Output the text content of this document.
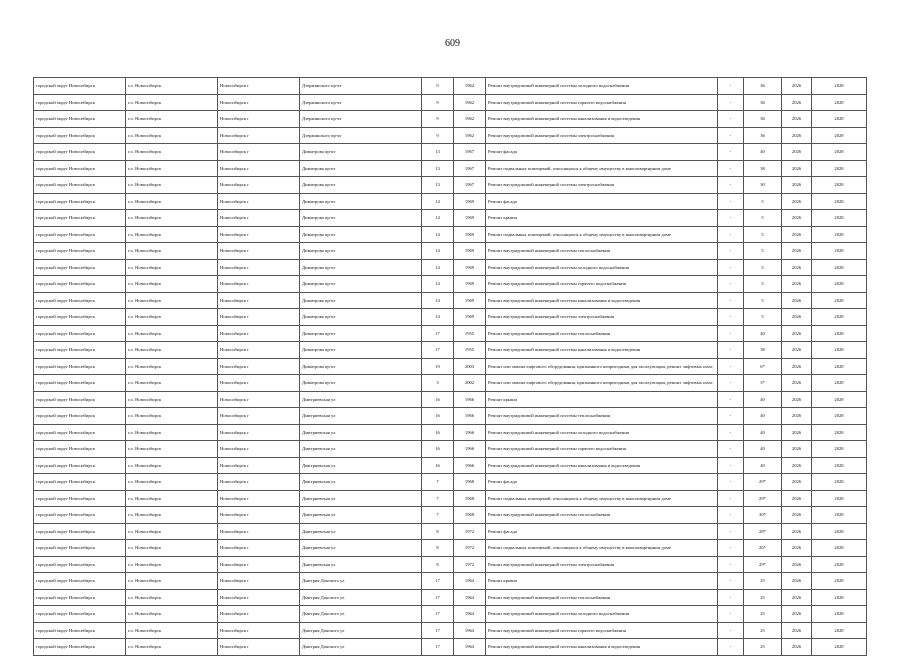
609
городской округ Новосибирск	г.о. Новосибирск	Новосибирск г	Дзержинского пр-кт	9	1962	Ремонт внутридомовой инженерной системы холодного водоснабжения	-	36	2026	2028
городской округ Новосибирск	г.о. Новосибирск	Новосибирск г	Дзержинского пр-кт	9	1962	Ремонт внутридомовой инженерной системы горячего водоснабжения	-	36	2026	2028
городской округ Новосибирск	г.о. Новосибирск	Новосибирск г	Дзержинского пр-кт	9	1962	Ремонт внутридомовой инженерной системы канализования и водоотведения	-	36	2026	2028
городской округ Новосибирск	г.о. Новосибирск	Новосибирск г	Дзержинского пр-кт	9	1962	Ремонт внутридомовой инженерной системы электроснабжения	-	36	2026	2028
городской округ Новосибирск	г.о. Новосибирск	Новосибирск г	Димитрова пр-кт	13	1967	Ремонт фасада	-	40	2026	2028
городской округ Новосибирск	г.о. Новосибирск	Новосибирск г	Димитрова пр-кт	13	1967	Ремонт подвальных помещений, относящихся к общему имуществу в многоквартирном доме	-	38	2026	2028
городской округ Новосибирск	г.о. Новосибирск	Новосибирск г	Димитрова пр-кт	13	1967	Ремонт внутридомовой инженерной системы электроснабжения	-	30	2026	2028
городской округ Новосибирск	г.о. Новосибирск	Новосибирск г	Димитрова пр-кт	14	1969	Ремонт фасада	-	5	2026	2028
городской округ Новосибирск	г.о. Новосибирск	Новосибирск г	Димитрова пр-кт	14	1969	Ремонт крыши	-	5	2026	2028
городской округ Новосибирск	г.о. Новосибирск	Новосибирск г	Димитрова пр-кт	14	1969	Ремонт подвальных помещений, относящихся к общему имуществу в многоквартирном доме	-	5	2026	2028
городской округ Новосибирск	г.о. Новосибирск	Новосибирск г	Димитрова пр-кт	14	1969	Ремонт внутридомовой инженерной системы теплоснабжения	-	5	2026	2028
городской округ Новосибирск	г.о. Новосибирск	Новосибирск г	Димитрова пр-кт	14	1969	Ремонт внутридомовой инженерной системы холодного водоснабжения	-	5	2026	2028
городской округ Новосибирск	г.о. Новосибирск	Новосибирск г	Димитрова пр-кт	14	1969	Ремонт внутридомовой инженерной системы горячего водоснабжения	-	5	2026	2028
городской округ Новосибирск	г.о. Новосибирск	Новосибирск г	Димитрова пр-кт	14	1969	Ремонт внутридомовой инженерной системы канализования и водоотведения	-	5	2026	2028
городской округ Новосибирск	г.о. Новосибирск	Новосибирск г	Димитрова пр-кт	14	1969	Ремонт внутридомовой инженерной системы электроснабжения	-	5	2026	2028
городской округ Новосибирск	г.о. Новосибирск	Новосибирск г	Димитрова пр-кт	17	1955	Ремонт внутридомовой инженерной системы теплоснабжения	-	40	2026	2028
городской округ Новосибирск	г.о. Новосибирск	Новосибирск г	Димитрова пр-кт	17	1955	Ремонт внутридомовой инженерной системы канализования и водоотведения	-	38	2026	2028
городской округ Новосибирск	г.о. Новосибирск	Новосибирск г	Димитрова пр-кт	19	2003	Ремонт или замена лифтового оборудования, признанного непригодным для эксплуатации, ремонт лифтовых шахт	-	6*	2026	2028
городской округ Новосибирск	г.о. Новосибирск	Новосибирск г	Димитрова пр-кт	3	2002	Ремонт или замена лифтового оборудования, признанного непригодным для эксплуатации, ремонт лифтовых шахт	-	3*	2026	2028
городской округ Новосибирск	г.о. Новосибирск	Новосибирск г	Дмитриевская ул	16	1966	Ремонт крыши	-	40	2026	2028
городской округ Новосибирск	г.о. Новосибирск	Новосибирск г	Дмитриевская ул	16	1966	Ремонт внутридомовой инженерной системы теплоснабжения	-	40	2026	2028
городской округ Новосибирск	г.о. Новосибирск	Новосибирск г	Дмитриевская ул	16	1966	Ремонт внутридомовой инженерной системы холодного водоснабжения	-	40	2026	2028
городской округ Новосибирск	г.о. Новосибирск	Новосибирск г	Дмитриевская ул	16	1966	Ремонт внутридомовой инженерной системы горячего водоснабжения	-	40	2026	2028
городской округ Новосибирск	г.о. Новосибирск	Новосибирск г	Дмитриевская ул	16	1966	Ремонт внутридомовой инженерной системы канализования и водоотведения	-	40	2026	2028
городской округ Новосибирск	г.о. Новосибирск	Новосибирск г	Дмитриевская ул	7	1968	Ремонт фасада	-	29*	2026	2028
городской округ Новосибирск	г.о. Новосибирск	Новосибирск г	Дмитриевская ул	7	1968	Ремонт подвальных помещений, относящихся к общему имуществу в многоквартирном доме	-	29*	2026	2028
городской округ Новосибирск	г.о. Новосибирск	Новосибирск г	Дмитриевская ул	7	1968	Ремонт внутридомовой инженерной системы теплоснабжения	-	30*	2026	2028
городской округ Новосибирск	г.о. Новосибирск	Новосибирск г	Дмитриевская ул	8	1972	Ремонт фасада	-	28*	2026	2028
городской округ Новосибирск	г.о. Новосибирск	Новосибирск г	Дмитриевская ул	8	1972	Ремонт подвальных помещений, относящихся к общему имуществу в многоквартирном доме	-	26*	2026	2028
городской округ Новосибирск	г.о. Новосибирск	Новосибирск г	Дмитриевская ул	8	1972	Ремонт внутридомовой инженерной системы электроснабжения	-	29*	2026	2028
городской округ Новосибирск	г.о. Новосибирск	Новосибирск г	Дмитрия Донского ул	17	1964	Ремонт крыши	-	25	2026	2028
городской округ Новосибирск	г.о. Новосибирск	Новосибирск г	Дмитрия Донского ул	17	1964	Ремонт внутридомовой инженерной системы теплоснабжения	-	25	2026	2028
городской округ Новосибирск	г.о. Новосибирск	Новосибирск г	Дмитрия Донского ул	17	1964	Ремонт внутридомовой инженерной системы холодного водоснабжения	-	25	2026	2028
городской округ Новосибирск	г.о. Новосибирск	Новосибирск г	Дмитрия Донского ул	17	1964	Ремонт внутридомовой инженерной системы горячего водоснабжения	-	25	2026	2028
городской округ Новосибирск	г.о. Новосибирск	Новосибирск г	Дмитрия Донского ул	17	1964	Ремонт внутридомовой инженерной системы канализования и водоотведения	-	25	2026	2028
